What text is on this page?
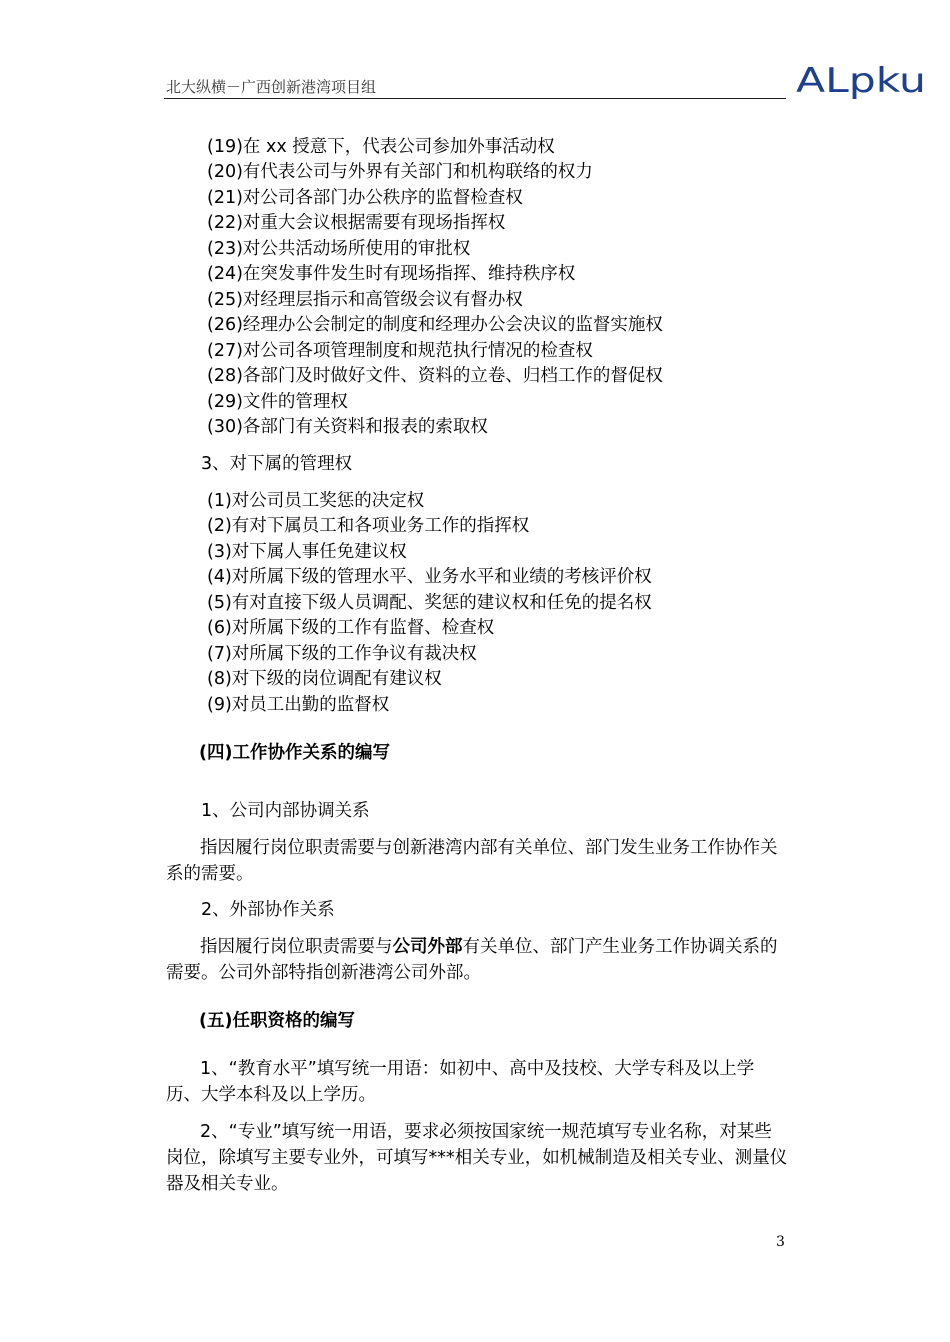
北大纵横－广西创新港湾项目组	ALpku
(19)在 xx 授意下，代表公司参加外事活动权
(20)有代表公司与外界有关部门和机构联络的权力
(21)对公司各部门办公秩序的监督检查权
(22)对重大会议根据需要有现场指挥权
(23)对公共活动场所使用的审批权
(24)在突发事件发生时有现场指挥、维持秩序权
(25)对经理层指示和高管级会议有督办权
(26)经理办公会制定的制度和经理办公会决议的监督实施权
(27)对公司各项管理制度和规范执行情况的检查权
(28)各部门及时做好文件、资料的立卷、归档工作的督促权
(29)文件的管理权
(30)各部门有关资料和报表的索取权
3、对下属的管理权
(1)对公司员工奖惩的决定权
(2)有对下属员工和各项业务工作的指挥权
(3)对下属人事任免建议权
(4)对所属下级的管理水平、业务水平和业绩的考核评价权
(5)有对直接下级人员调配、奖惩的建议权和任免的提名权
(6)对所属下级的工作有监督、检查权
(7)对所属下级的工作争议有裁决权
(8)对下级的岗位调配有建议权
(9)对员工出勤的监督权
(四)工作协作关系的编写
1、公司内部协调关系
指因履行岗位职责需要与创新港湾内部有关单位、部门发生业务工作协作关系的需要。
2、外部协作关系
指因履行岗位职责需要与公司外部有关单位、部门产生业务工作协调关系的需要。公司外部特指创新港湾公司外部。
(五)任职资格的编写
1、“教育水平”填写统一用语：如初中、高中及技校、大学专科及以上学历、大学本科及以上学历。
2、“专业”填写统一用语，要求必须按国家统一规范填写专业名称，对某些岗位，除填写主要专业外，可填写***相关专业，如机械制造及相关专业、测量仪器及相关专业。
3
